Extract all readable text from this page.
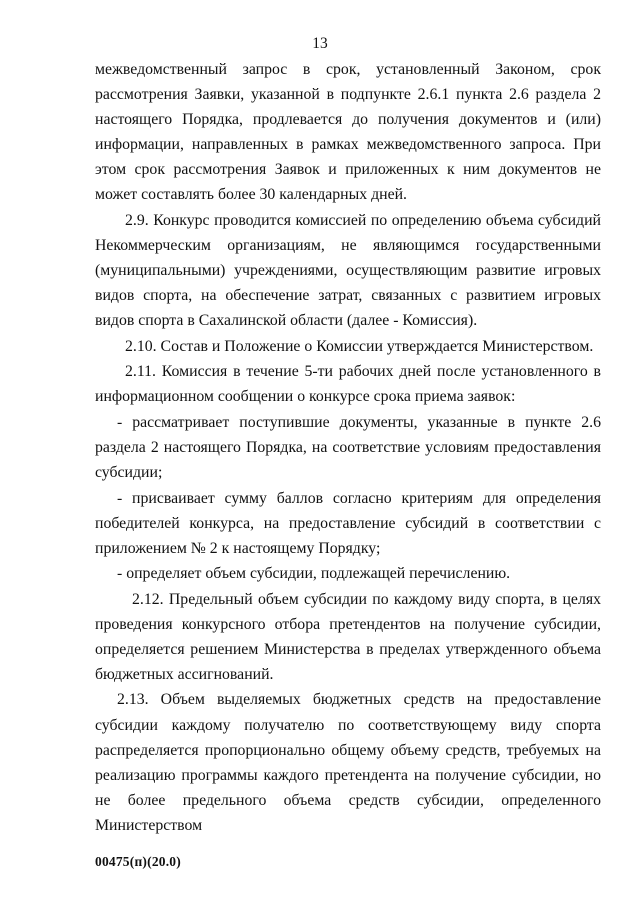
13

межведомственный запрос в срок, установленный Законом, срок рассмотрения Заявки, указанной в подпункте 2.6.1 пункта 2.6 раздела 2 настоящего Порядка, продлевается до получения документов и (или) информации, направленных в рамках межведомственного запроса. При этом срок рассмотрения Заявок и приложенных к ним документов не может составлять более 30 календарных дней.

2.9. Конкурс проводится комиссией по определению объема субсидий Некоммерческим организациям, не являющимся государственными (муниципальными) учреждениями, осуществляющим развитие игровых видов спорта, на обеспечение затрат, связанных с развитием игровых видов спорта в Сахалинской области (далее - Комиссия).

2.10. Состав и Положение о Комиссии утверждается Министерством.

2.11. Комиссия в течение 5-ти рабочих дней после установленного в информационном сообщении о конкурсе срока приема заявок:

- рассматривает поступившие документы, указанные в пункте 2.6 раздела 2 настоящего Порядка, на соответствие условиям предоставления субсидии;

- присваивает сумму баллов согласно критериям для определения победителей конкурса, на предоставление субсидий в соответствии с приложением № 2 к настоящему Порядку;

- определяет объем субсидии, подлежащей перечислению.

2.12. Предельный объем субсидии по каждому виду спорта, в целях проведения конкурсного отбора претендентов на получение субсидии, определяется решением Министерства в пределах утвержденного объема бюджетных ассигнований.

2.13. Объем выделяемых бюджетных средств на предоставление субсидии каждому получателю по соответствующему виду спорта распределяется пропорционально общему объему средств, требуемых на реализацию программы каждого претендента на получение субсидии, но не более предельного объема средств субсидии, определенного Министерством

00475(п)(20.0)
